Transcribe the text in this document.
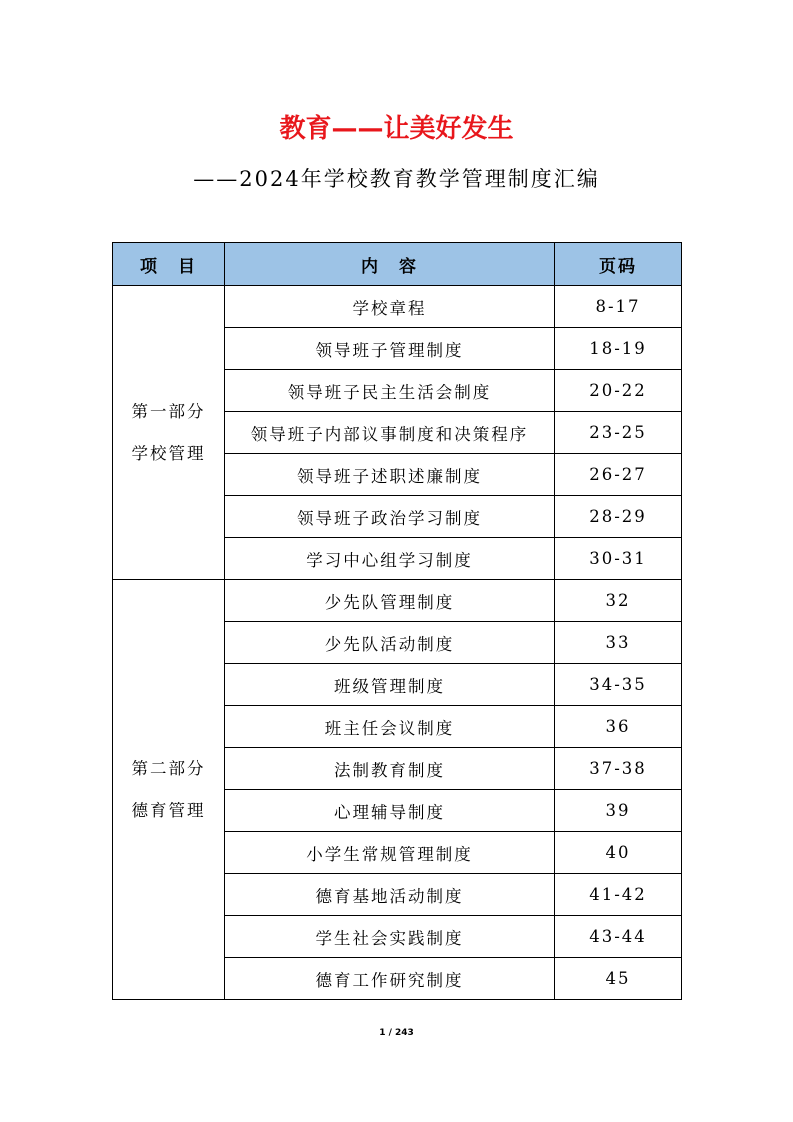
教育——让美好发生
——2024年学校教育教学管理制度汇编
项　目	内　容	页码

第一部分
学校管理	学校章程	8-17
	领导班子管理制度	18-19
	领导班子民主生活会制度	20-22
	领导班子内部议事制度和决策程序	23-25
	领导班子述职述廉制度	26-27
	领导班子政治学习制度	28-29
	学习中心组学习制度	30-31

第二部分
德育管理	少先队管理制度	32
	少先队活动制度	33
	班级管理制度	34-35
	班主任会议制度	36
	法制教育制度	37-38
	心理辅导制度	39
	小学生常规管理制度	40
	德育基地活动制度	41-42
	学生社会实践制度	43-44
	德育工作研究制度	45
1 / 243
